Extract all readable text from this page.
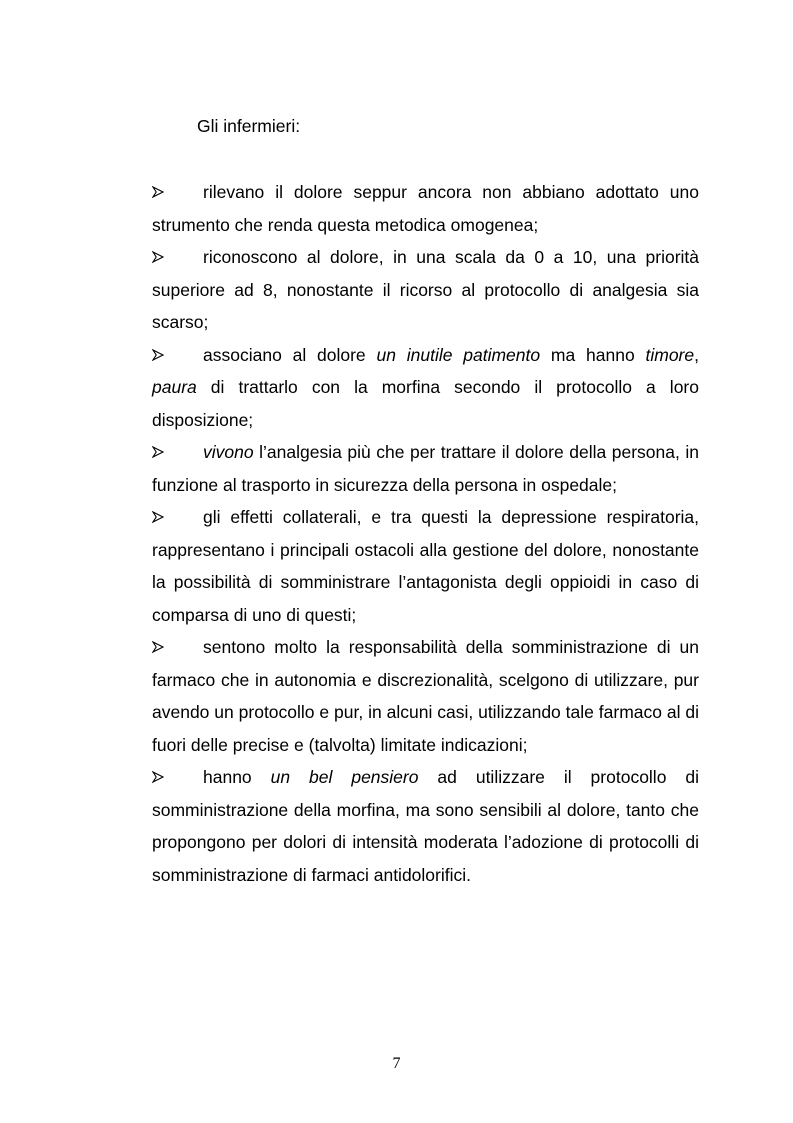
Gli infermieri:
rilevano il dolore seppur ancora non abbiano adottato uno strumento che renda questa metodica omogenea;
riconoscono al dolore, in una scala da 0 a 10, una priorità superiore ad 8, nonostante il ricorso al protocollo di analgesia sia scarso;
associano al dolore un inutile patimento ma hanno timore, paura di trattarlo con la morfina secondo il protocollo a loro disposizione;
vivono l’analgesia più che per trattare il dolore della persona, in funzione al trasporto in sicurezza della persona in ospedale;
gli effetti collaterali, e tra questi la depressione respiratoria, rappresentano i principali ostacoli alla gestione del dolore, nonostante la possibilità di somministrare l’antagonista degli oppioidi in caso di comparsa di uno di questi;
sentono molto la responsabilità della somministrazione di un farmaco che in autonomia e discrezionalità, scelgono di utilizzare, pur avendo un protocollo e pur, in alcuni casi, utilizzando tale farmaco al di fuori delle precise e (talvolta) limitate indicazioni;
hanno un bel pensiero ad utilizzare il protocollo di somministrazione della morfina, ma sono sensibili al dolore, tanto che propongono per dolori di intensità moderata l’adozione di protocolli di somministrazione di farmaci antidolorifici.
7
